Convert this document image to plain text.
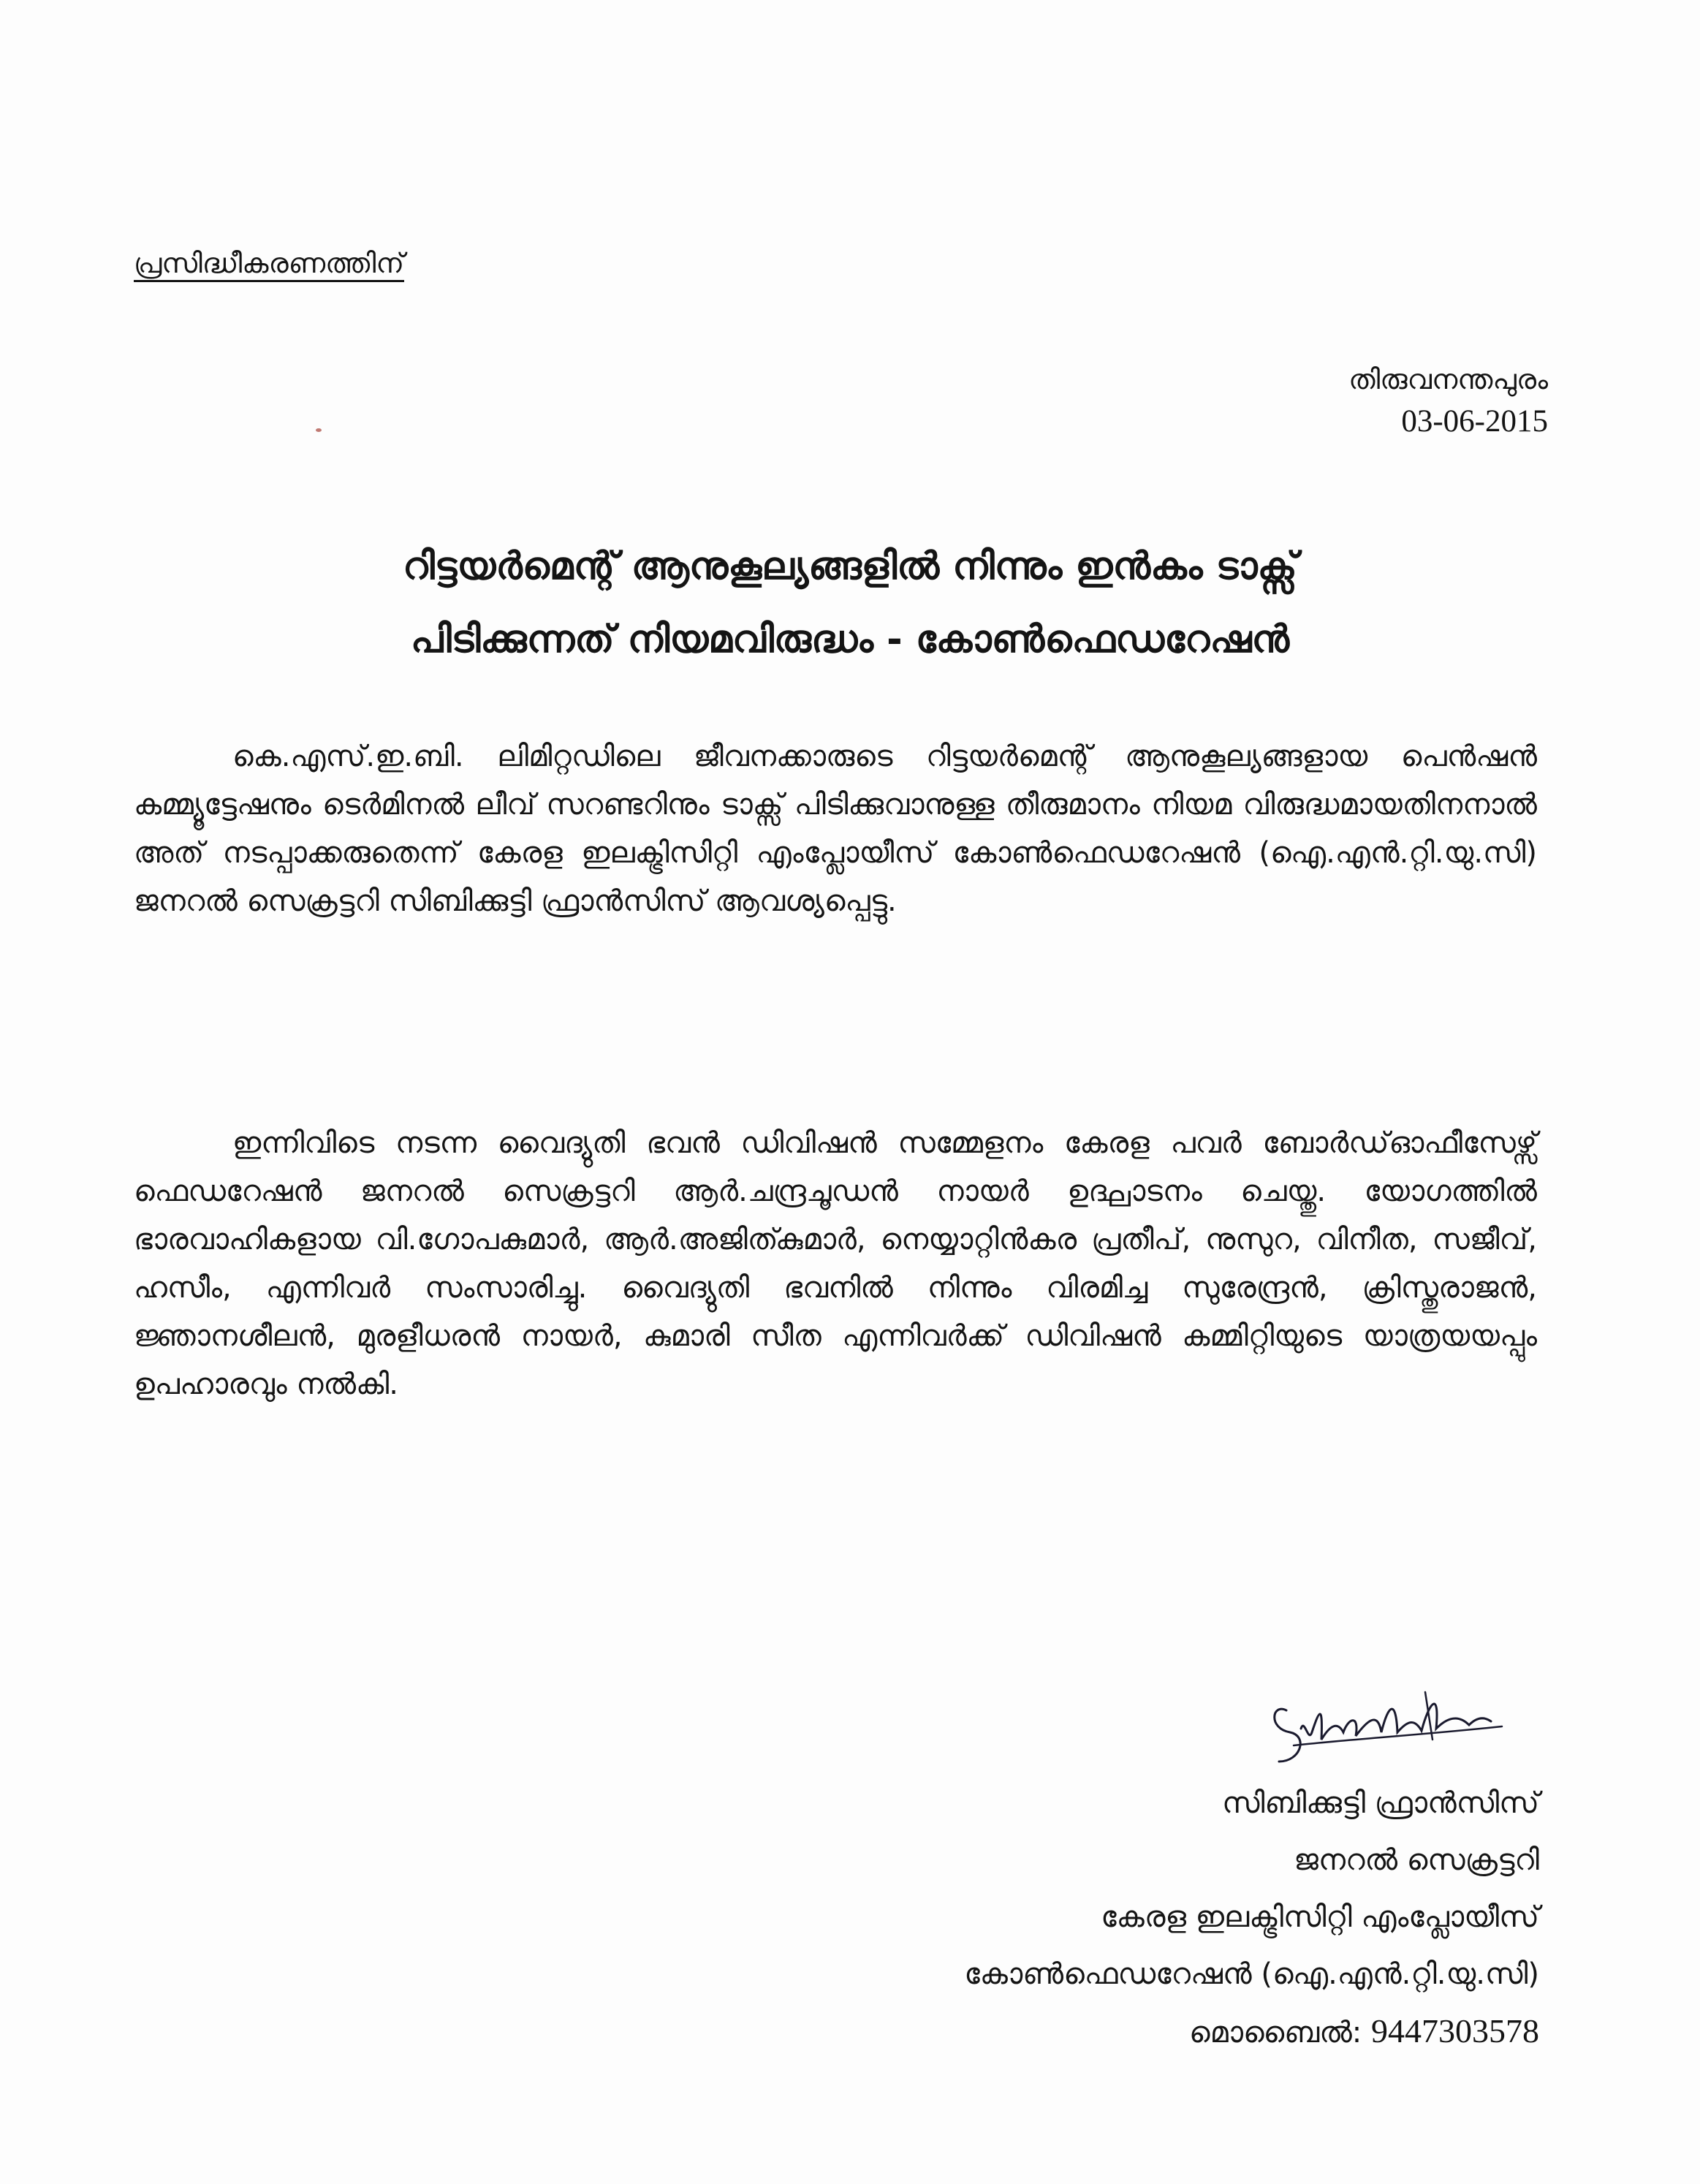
പ്രസിദ്ധീകരണത്തിന്
തിരുവനന്തപുരം
03-06-2015
റിട്ടയർമെന്റ് ആനുകൂല്യങ്ങളിൽ നിന്നും ഇൻകം ടാക്സ്
പിടിക്കുന്നത് നിയമവിരുദ്ധം - കോൺഫെഡറേഷൻ

കെ.എസ്.ഇ.ബി. ലിമിറ്റഡിലെ ജീവനക്കാരുടെ റിട്ടയർമെന്റ് ആനുകൂല്യങ്ങളായ പെൻഷൻ കമ്മ്യൂട്ടേഷനും ടെർമിനൽ ലീവ് സറണ്ടറിനും ടാക്സ് പിടിക്കുവാനുള്ള തീരുമാനം നിയമ വിരുദ്ധമായതിനനാൽ അത് നടപ്പാക്കരുതെന്ന് കേരള ഇലക്ട്രിസിറ്റി എംപ്ലോയീസ് കോൺഫെഡറേഷൻ (ഐ.എൻ.റ്റി.യു.സി) ജനറൽ സെക്രട്ടറി സിബിക്കുട്ടി ഫ്രാൻസിസ് ആവശ്യപ്പെട്ടു.

ഇന്നിവിടെ നടന്ന വൈദ്യുതി ഭവൻ ഡിവിഷൻ സമ്മേളനം കേരള പവർ ബോർഡ്ഓഫീസേഴ്സ് ഫെഡറേഷൻ ജനറൽ സെക്രട്ടറി ആർ.ചന്ദ്രചൂഡൻ നായർ ഉദ്ഘാടനം ചെയ്തു. യോഗത്തിൽ ഭാരവാഹികളായ വി.ഗോപകുമാർ, ആർ.അജിത്കുമാർ, നെയ്യാറ്റിൻകര പ്രതീപ്, നുസുറ, വിനീത, സജീവ്, ഹസീം, എന്നിവർ സംസാരിച്ചു. വൈദ്യുതി ഭവനിൽ നിന്നും വിരമിച്ച സുരേന്ദ്രൻ, ക്രിസ്തുരാജൻ, ജ്ഞാനശീലൻ, മുരളീധരൻ നായർ, കുമാരി സീത എന്നിവർക്ക് ഡിവിഷൻ കമ്മിറ്റിയുടെ യാത്രയയപ്പും ഉപഹാരവും നൽകി.

സിബിക്കുട്ടി ഫ്രാൻസിസ്
ജനറൽ സെക്രട്ടറി
കേരള ഇലക്ട്രിസിറ്റി എംപ്ലോയീസ്
കോൺഫെഡറേഷൻ (ഐ.എൻ.റ്റി.യു.സി)
മൊബൈൽ: 9447303578
